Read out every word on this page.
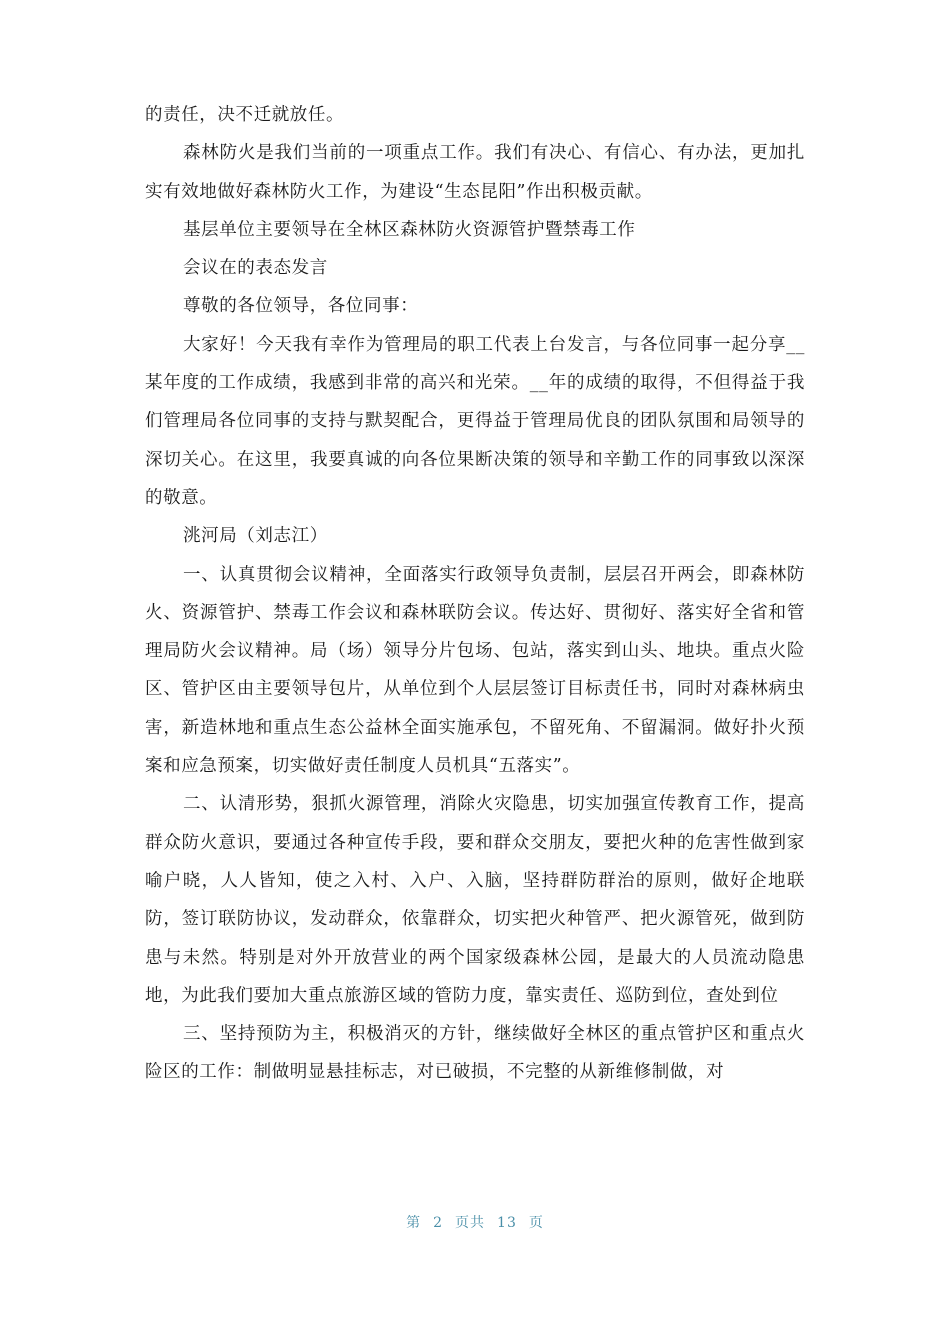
的责任，决不迁就放任。

森林防火是我们当前的一项重点工作。我们有决心、有信心、有办法，更加扎实有效地做好森林防火工作，为建设“生态昆阳”作出积极贡献。

基层单位主要领导在全林区森林防火资源管护暨禁毒工作

会议在的表态发言

尊敬的各位领导，各位同事：

大家好！今天我有幸作为管理局的职工代表上台发言，与各位同事一起分享__某年度的工作成绩，我感到非常的高兴和光荣。__年的成绩的取得，不但得益于我们管理局各位同事的支持与默契配合，更得益于管理局优良的团队氛围和局领导的深切关心。在这里，我要真诚的向各位果断决策的领导和辛勤工作的同事致以深深的敬意。

洮河局（刘志江）

一、认真贯彻会议精神，全面落实行政领导负责制，层层召开两会，即森林防火、资源管护、禁毒工作会议和森林联防会议。传达好、贯彻好、落实好全省和管理局防火会议精神。局（场）领导分片包场、包站，落实到山头、地块。重点火险区、管护区由主要领导包片，从单位到个人层层签订目标责任书，同时对森林病虫害，新造林地和重点生态公益林全面实施承包，不留死角、不留漏洞。做好扑火预案和应急预案，切实做好责任制度人员机具“五落实”。

二、认清形势，狠抓火源管理，消除火灾隐患，切实加强宣传教育工作，提高群众防火意识，要通过各种宣传手段，要和群众交朋友，要把火种的危害性做到家喻户晓，人人皆知，使之入村、入户、入脑，坚持群防群治的原则，做好企地联防，签订联防协议，发动群众，依靠群众，切实把火种管严、把火源管死，做到防患与未然。特别是对外开放营业的两个国家级森林公园，是最大的人员流动隐患地，为此我们要加大重点旅游区域的管防力度，靠实责任、巡防到位，查处到位

三、坚持预防为主，积极消灭的方针，继续做好全林区的重点管护区和重点火险区的工作：制做明显悬挂标志，对已破损，不完整的从新维修制做，对

第 2 页共 13 页
